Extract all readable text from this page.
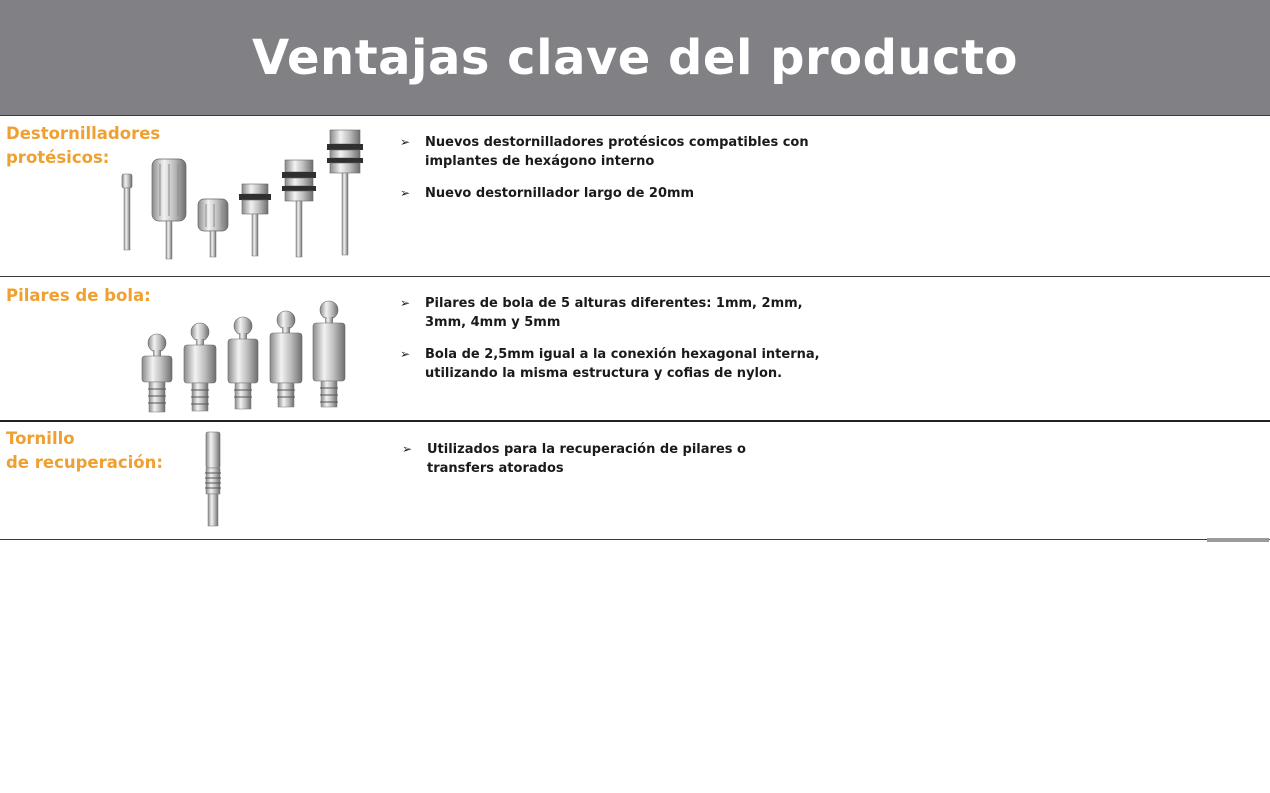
Ventajas clave del producto
Destornilladores
protésicos:
➢ Nuevos destornilladores protésicos compatibles con implantes de hexágono interno
➢ Nuevo destornillador largo de 20mm
Pilares de bola:	➢ Pilares de bola de 5 alturas diferentes: 1mm, 2mm, 3mm, 4mm y 5mm
➢ Bola de 2,5mm igual a la conexión hexagonal interna, utilizando la misma estructura y cofias de nylon.
Tornillo
de recuperación:
➢ Utilizados para la recuperación de pilares o transfers atorados
